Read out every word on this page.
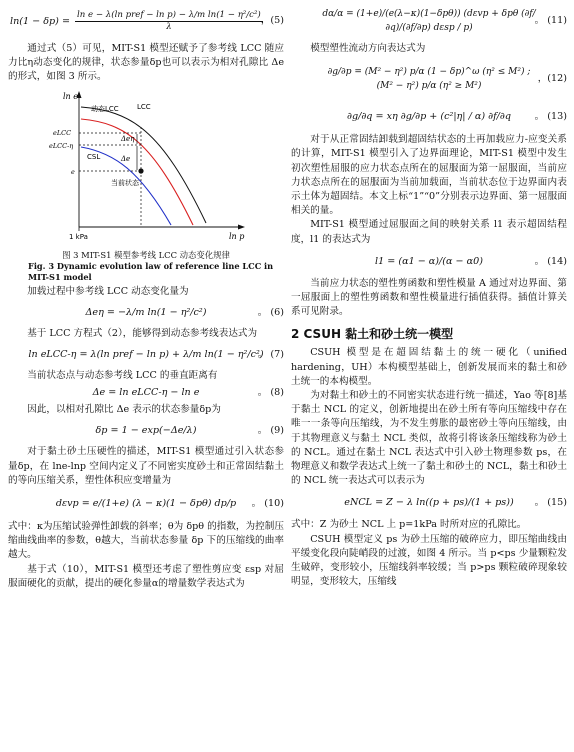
$\ln(1 - \delta p) = \frac{\text{ln e − λ(ln pref − ln p) − λ/m ln(1 − η²/c²)}}{\lambda}$
，(5)

通过式（5）可见，MIT-S1 模型还赋予了参考线 LCC 随应力比η动态变化的规律，状态参量δp也可以表示为相对孔隙比 Δe 的形式，如图 3 所示。

ln e
ln p
1 kPa
eLCC
eLCC-η
e
动态LCC	LCC
CSL
当前状态
Δe
Δeη

图 3 MIT-S1 模型参考线 LCC 动态变化规律

Fig. 3 Dynamic evolution law of reference line LCC in MIT-S1 model

加载过程中参考线 LCC 动态变化量为

Δeη = −λ/m ln(1 − η²/c²)	。 (6)

基于 LCC 方程式（2），能够得到动态参考线表达式为

ln eLCC-η = λ(ln pref − ln p) + λ/m ln(1 − η²/c²)
。 (7)

当前状态点与动态参考线 LCC 的垂直距离有

Δe = ln eLCC-η − ln e	。 (8)

因此，以相对孔隙比 Δe 表示的状态参量δp为

δp = 1 − exp(−Δe/λ)	。 (9)

对于黏土砂土压硬性的描述，MIT-S1 模型通过引入状态参量δp，在 lne-lnp 空间内定义了不同密实度砂土和正常固结黏土的等向压缩关系，塑性体积应变增量为

dεvp = e/(1+e) (λ − κ)(1 − δpθ) dp/p 。 (10)

式中：κ为压缩试验弹性卸载的斜率；θ为 δpθ 的指数，为控制压缩曲线曲率的参数，θ越大，当前状态参量 δp 下的压缩线的曲率越大。

基于式（10），MIT-S1 模型还考虑了塑性剪应变 εsp 对屈服面硬化的贡献，提出的硬化参量α的增量数学表达式为

dα/α = (1+e)/(e(λ−κ)(1−δpθ)) (dεvp + δpθ (∂f/∂q)/(∂f/∂p) dεsp / p)
。 (11)

模型塑性流动方向表达式为

∂g/∂p = (M² − η²) p/α (1 − δp)^ω (η² ≤ M²) ; (M² − η²) p/α (η² ≥ M²)
，(12)
∂g/∂q = xη ∂g/∂p + (c²|η| / α) ∂f/∂q 。 (13)

对于从正常固结卸载到超固结状态的土再加载应力-应变关系的计算，MIT-S1 模型引入了边界面理论，MIT-S1 模型中发生初次塑性屈服的应力状态点所在的屈服面为第一屈服面，当前应力状态点所在的屈服面为当前加载面，当前状态位于边界面内表示土体为超固结。本文上标“1”“0”分别表示边界面、第一屈服面相关的量。

MIT-S1 模型通过屈服面之间的映射关系 l1 表示超固结程度，l1 的表达式为

l1 = (α1 − α)/(α − α0)	。 (14)

当前应力状态的塑性剪函数和塑性模量 A 通过对边界面、第一屈服面上的塑性剪函数和塑性模量进行插值获得。插值计算关系可见附录。

2 CSUH 黏土和砂土统一模型

CSUH 模型是在超固结黏土的统一硬化（unified hardening，UH）本构模型基础上，创新发展而来的黏土和砂土统一的本构模型。

为对黏土和砂土的不同密实状态进行统一描述，Yao 等[8]基于黏土 NCL 的定义，创新地提出在砂土所有等向压缩线中存在唯一一条等向压缩线，为不发生剪胀的最密砂土等向压缩线，由于其物理意义与黏土 NCL 类似，故将引将该条压缩线称为砂土的 NCL。通过在黏土 NCL 表达式中引入砂土物理参数 ps，在物理意义和数学表达式上统一了黏土和砂土的 NCL，黏土和砂土的 NCL 统一表达式可以表示为

eNCL = Z − λ ln((p + ps)/(1 + ps)) 。 (15)

式中：Z 为砂土 NCL 上 p=1kPa 时所对应的孔隙比。

CSUH 模型定义 ps 为砂土压缩的破碎应力，即压缩曲线由平缓变化段向陡峭段的过渡，如图 4 所示。当 p<ps 少量颗粒发生破碎，变形较小，压缩线斜率较缓；当 p>ps 颗粒破碎现象较明显，变形较大，压缩线
